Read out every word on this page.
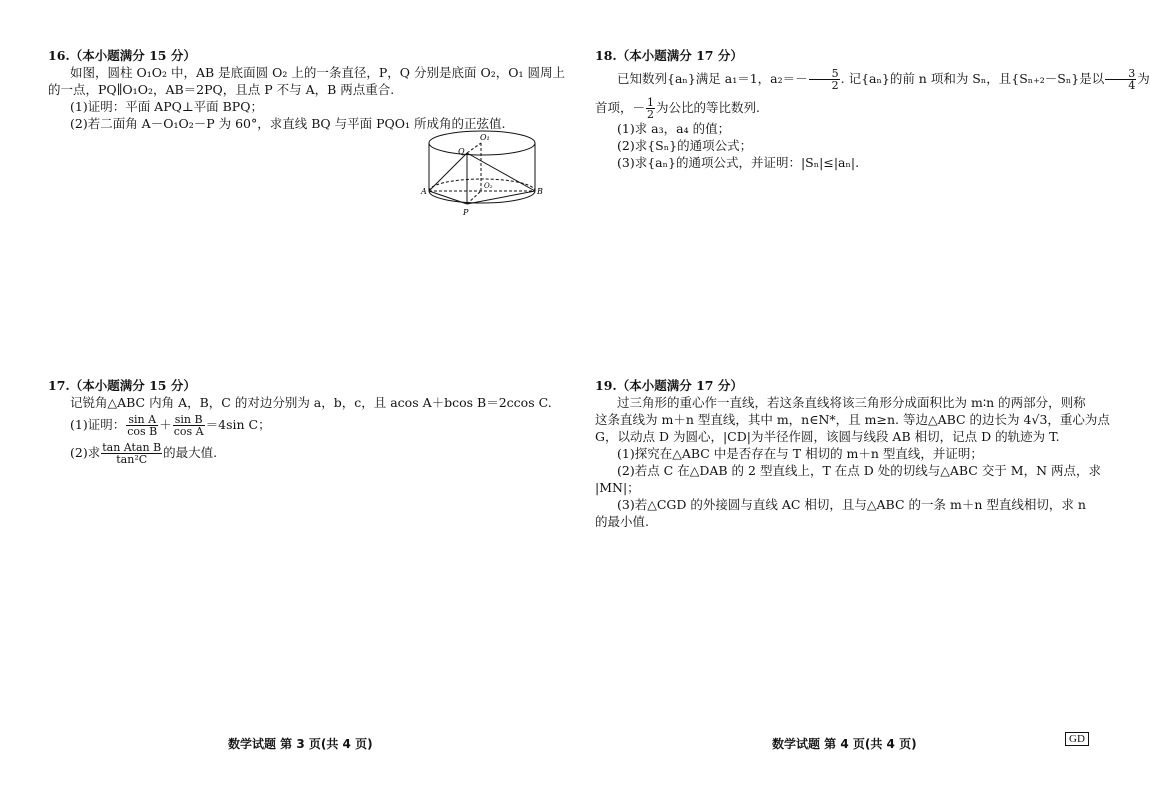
16.（本小题满分 15 分）
如图，圆柱 O₁O₂ 中，AB 是底面圆 O₂ 上的一条直径，P，Q 分别是底面 O₂，O₁ 圆周上
的一点，PQ∥O₁O₂，AB＝2PQ，且点 P 不与 A，B 两点重合.
(1)证明：平面 APQ⊥平面 BPQ；
(2)若二面角 A－O₁O₂－P 为 60°，求直线 BQ 与平面 PQO₁ 所成角的正弦值.
O₁
Q
O₂
A	B
P
17.（本小题满分 15 分）
记锐角△ABC 内角 A，B，C 的对边分别为 a，b，c，且 acos A＋bcos B＝2ccos C.
(1)证明： $\frac{\text{sin A}}{\text{cos B}} + \frac{\text{sin B}}{\text{cos A}} =4\sin$ C；
(2)求 $\frac{\text{tan Atan B}}{\text{tan²C}}$ 的最大值.
18.（本小题满分 17 分）
已知数列{aₙ}满足 a₁＝1，$a_2=- \frac{5}{2}$ . 记{aₙ}的前 n 项和为 Sₙ，且{Sₙ₊₂－Sₙ}是以 $\frac{3}{4}$ 为
首项，－ $\frac{1}{2}$ 为公比的等比数列.
(1)求 a₃，a₄ 的值；
(2)求{Sₙ}的通项公式；
(3)求{aₙ}的通项公式，并证明：|Sₙ|≤|aₙ|.
19.（本小题满分 17 分）
过三角形的重心作一直线，若这条直线将该三角形分成面积比为 m∶n 的两部分，则称
这条直线为 m＋n 型直线，其中 m，n∈N*，且 m≥n. 等边△ABC 的边长为 4√3，重心为点
G，以动点 D 为圆心，|CD|为半径作圆，该圆与线段 AB 相切，记点 D 的轨迹为 T.
(1)探究在△ABC 中是否存在与 T 相切的 m＋n 型直线，并证明；
(2)若点 C 在△DAB 的 2 型直线上，T 在点 D 处的切线与△ABC 交于 M，N 两点，求
|MN|；
(3)若△CGD 的外接圆与直线 AC 相切，且与△ABC 的一条 m＋n 型直线相切，求 n
的最小值.
数学试题 第 3 页(共 4 页)	数学试题 第 4 页(共 4 页)	GD
